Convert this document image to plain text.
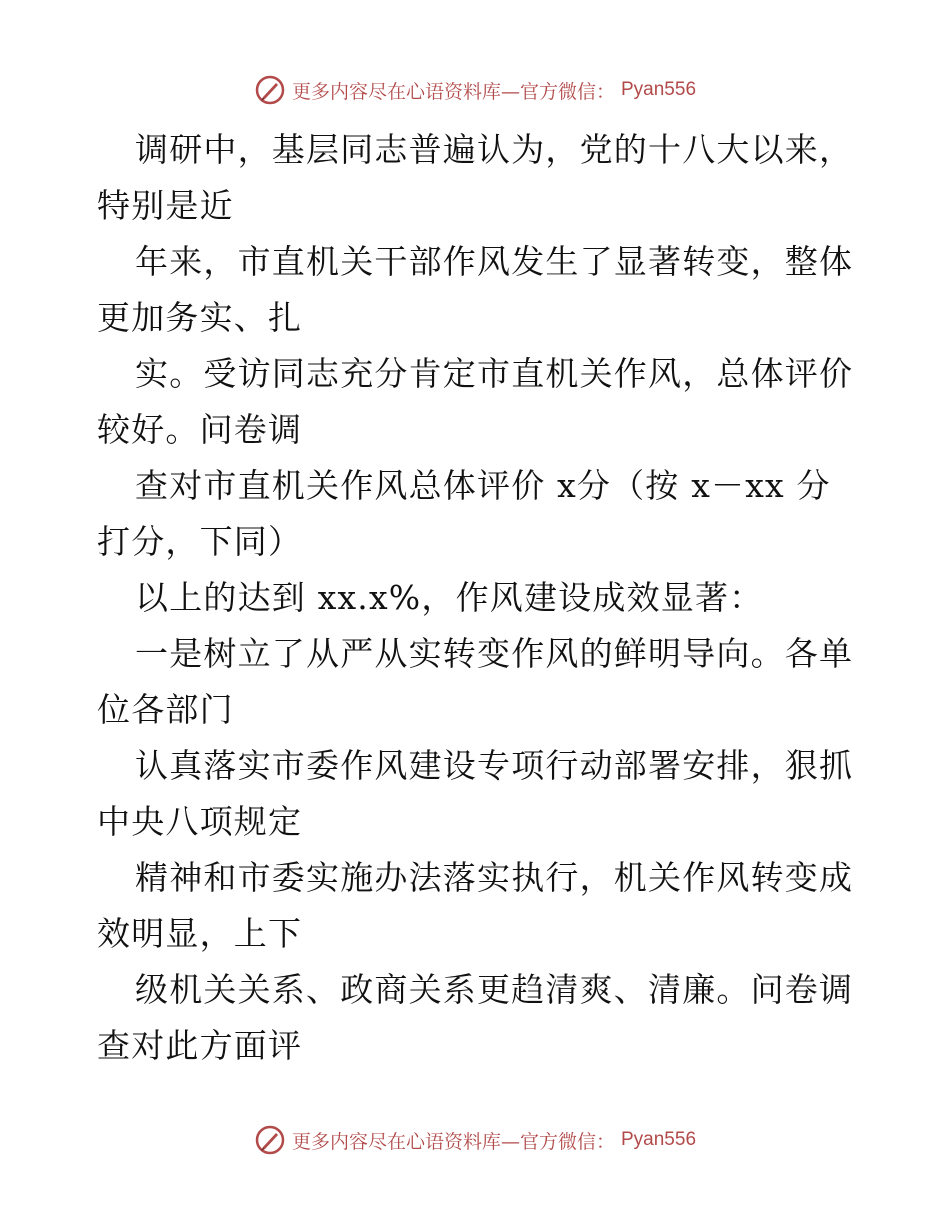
更多内容尽在心语资料库—官方微信： Pyan556
调研中，基层同志普遍认为，党的十八大以来，
特别是近
年来，市直机关干部作风发生了显著转变，整体
更加务实、扎
实。受访同志充分肯定市直机关作风，总体评价
较好。问卷调
查对市直机关作风总体评价 x分（按 x－xx 分
打分，下同）
以上的达到 xx.x%，作风建设成效显著：
一是树立了从严从实转变作风的鲜明导向。各单
位各部门
认真落实市委作风建设专项行动部署安排，狠抓
中央八项规定
精神和市委实施办法落实执行，机关作风转变成
效明显，上下
级机关关系、政商关系更趋清爽、清廉。问卷调
查对此方面评
更多内容尽在心语资料库—官方微信： Pyan556
